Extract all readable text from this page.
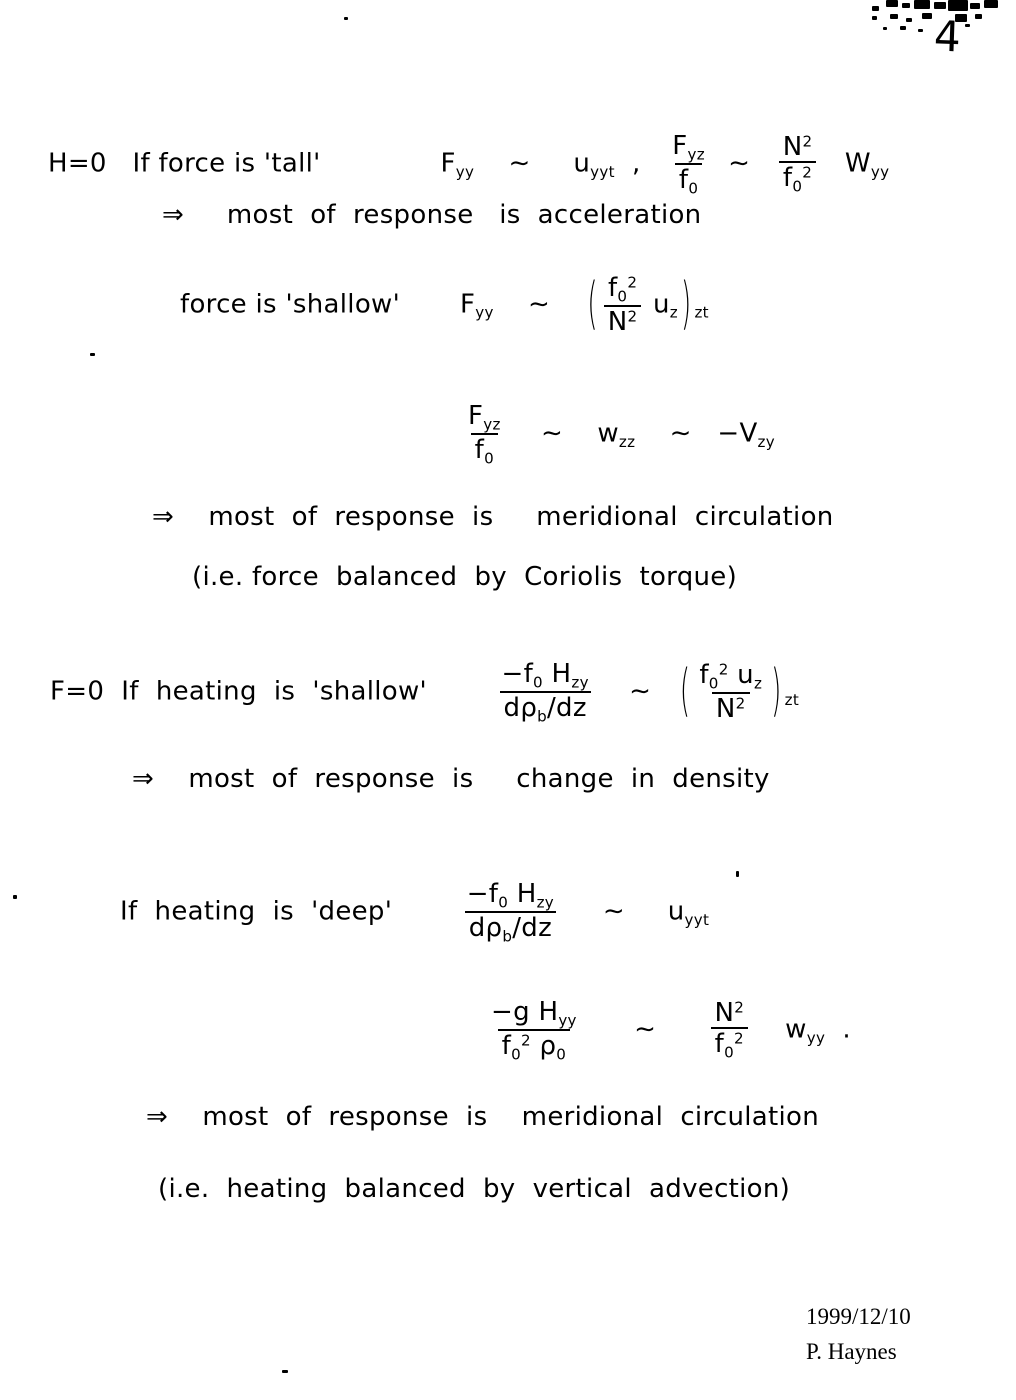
4
H=0   If force is 'tall'              $F_{yy}$    ∼     $u_{yyt}$  , $\frac{F_{yz}}{f_0}$ ∼ $\frac{N^2}{f_0^2} W_{yy}$
⇒     most  of  response   is  acceleration
force is 'shallow'       $F_{yy}$    ∼    ( $\frac{f_0^2}{N^2} u_z$ ) $_{zt}$
$\frac{F_{yz}}{f_0}$ ∼    $w_{zz}$    ∼   $-V_{zy}$
⇒    most  of  response  is     meridional  circulation
(i.e. force  balanced  by  Coriolis  torque)
F=0  If  heating  is  'shallow' $\frac{-f_0 H_{zy}}{d\rho_b/dz}$ ∼   ( $\frac{f_0^2 u_z}{N^2}$ ) $_{zt}$
⇒    most  of  response  is     change  in  density
If  heating  is  'deep' $\frac{-f_0 H_{zy}}{d\rho_b/dz}$ ∼     $u_{yyt}$
$\frac{-g H_{yy}}{f_0^2 \rho_0}$ ∼ $\frac{N^2}{f_0^2} w_{yy}$  .
⇒    most  of  response  is    meridional  circulation
(i.e.  heating  balanced  by  vertical  advection)
1999/12/10
P. Haynes
